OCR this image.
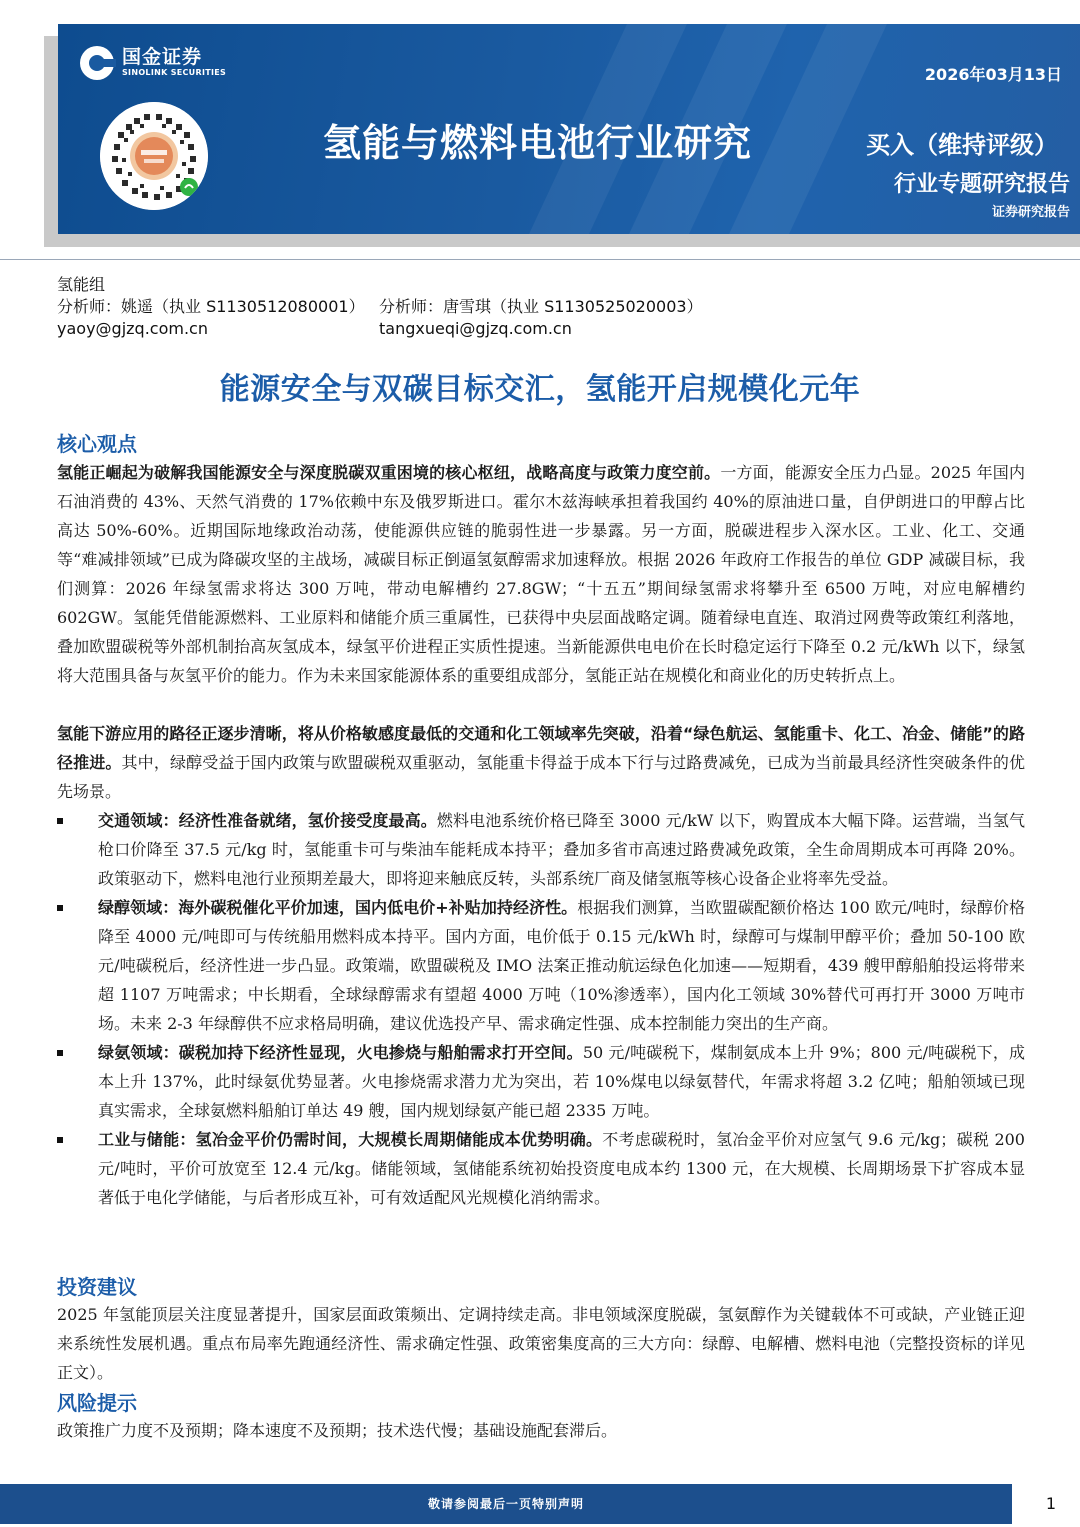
国金证券
SINOLINK SECURITIES	2026年03月13日
氢能与燃料电池行业研究	买入（维持评级）
行业专题研究报告
证券研究报告
氢能组
分析师：姚遥（执业 S1130512080001）
yaoy@gjzq.com.cn
分析师：唐雪琪（执业 S1130525020003）
tangxueqi@gjzq.com.cn
能源安全与双碳目标交汇，氢能开启规模化元年
核心观点

氢能正崛起为破解我国能源安全与深度脱碳双重困境的核心枢纽，战略高度与政策力度空前。一方面，能源安全压力凸显。2025 年国内石油消费的 43%、天然气消费的 17%依赖中东及俄罗斯进口。霍尔木兹海峡承担着我国约 40%的原油进口量，自伊朗进口的甲醇占比高达 50%-60%。近期国际地缘政治动荡，使能源供应链的脆弱性进一步暴露。另一方面，脱碳进程步入深水区。工业、化工、交通等“难减排领域”已成为降碳攻坚的主战场，减碳目标正倒逼氢氨醇需求加速释放。根据 2026 年政府工作报告的单位 GDP 减碳目标，我们测算：2026 年绿氢需求将达 300 万吨，带动电解槽约 27.8GW；“十五五”期间绿氢需求将攀升至 6500 万吨，对应电解槽约 602GW。氢能凭借能源燃料、工业原料和储能介质三重属性，已获得中央层面战略定调。随着绿电直连、取消过网费等政策红利落地，叠加欧盟碳税等外部机制抬高灰氢成本，绿氢平价进程正实质性提速。当新能源供电电价在长时稳定运行下降至 0.2 元/kWh 以下，绿氢将大范围具备与灰氢平价的能力。作为未来国家能源体系的重要组成部分，氢能正站在规模化和商业化的历史转折点上。

氢能下游应用的路径正逐步清晰，将从价格敏感度最低的交通和化工领域率先突破，沿着“绿色航运、氢能重卡、化工、冶金、储能”的路径推进。其中，绿醇受益于国内政策与欧盟碳税双重驱动，氢能重卡得益于成本下行与过路费减免，已成为当前最具经济性突破条件的优先场景。

交通领域：经济性准备就绪，氢价接受度最高。燃料电池系统价格已降至 3000 元/kW 以下，购置成本大幅下降。运营端，当氢气枪口价降至 37.5 元/kg 时，氢能重卡可与柴油车能耗成本持平；叠加多省市高速过路费减免政策，全生命周期成本可再降 20%。政策驱动下，燃料电池行业预期差最大，即将迎来触底反转，头部系统厂商及储氢瓶等核心设备企业将率先受益。
绿醇领域：海外碳税催化平价加速，国内低电价+补贴加持经济性。根据我们测算，当欧盟碳配额价格达 100 欧元/吨时，绿醇价格降至 4000 元/吨即可与传统船用燃料成本持平。国内方面，电价低于 0.15 元/kWh 时，绿醇可与煤制甲醇平价；叠加 50-100 欧元/吨碳税后，经济性进一步凸显。政策端，欧盟碳税及 IMO 法案正推动航运绿色化加速——短期看，439 艘甲醇船舶投运将带来超 1107 万吨需求；中长期看，全球绿醇需求有望超 4000 万吨（10%渗透率），国内化工领域 30%替代可再打开 3000 万吨市场。未来 2-3 年绿醇供不应求格局明确，建议优选投产早、需求确定性强、成本控制能力突出的生产商。
绿氨领域：碳税加持下经济性显现，火电掺烧与船舶需求打开空间。50 元/吨碳税下，煤制氨成本上升 9%；800 元/吨碳税下，成本上升 137%，此时绿氨优势显著。火电掺烧需求潜力尤为突出，若 10%煤电以绿氨替代，年需求将超 3.2 亿吨；船舶领域已现真实需求，全球氨燃料船舶订单达 49 艘，国内规划绿氨产能已超 2335 万吨。
工业与储能：氢冶金平价仍需时间，大规模长周期储能成本优势明确。不考虑碳税时，氢冶金平价对应氢气 9.6 元/kg；碳税 200 元/吨时，平价可放宽至 12.4 元/kg。储能领域，氢储能系统初始投资度电成本约 1300 元，在大规模、长周期场景下扩容成本显著低于电化学储能，与后者形成互补，可有效适配风光规模化消纳需求。
投资建议

2025 年氢能顶层关注度显著提升，国家层面政策频出、定调持续走高。非电领域深度脱碳，氢氨醇作为关键载体不可或缺，产业链正迎来系统性发展机遇。重点布局率先跑通经济性、需求确定性强、政策密集度高的三大方向：绿醇、电解槽、燃料电池（完整投资标的详见正文）。

风险提示

政策推广力度不及预期；降本速度不及预期；技术迭代慢；基础设施配套滞后。

敬请参阅最后一页特别声明	1
